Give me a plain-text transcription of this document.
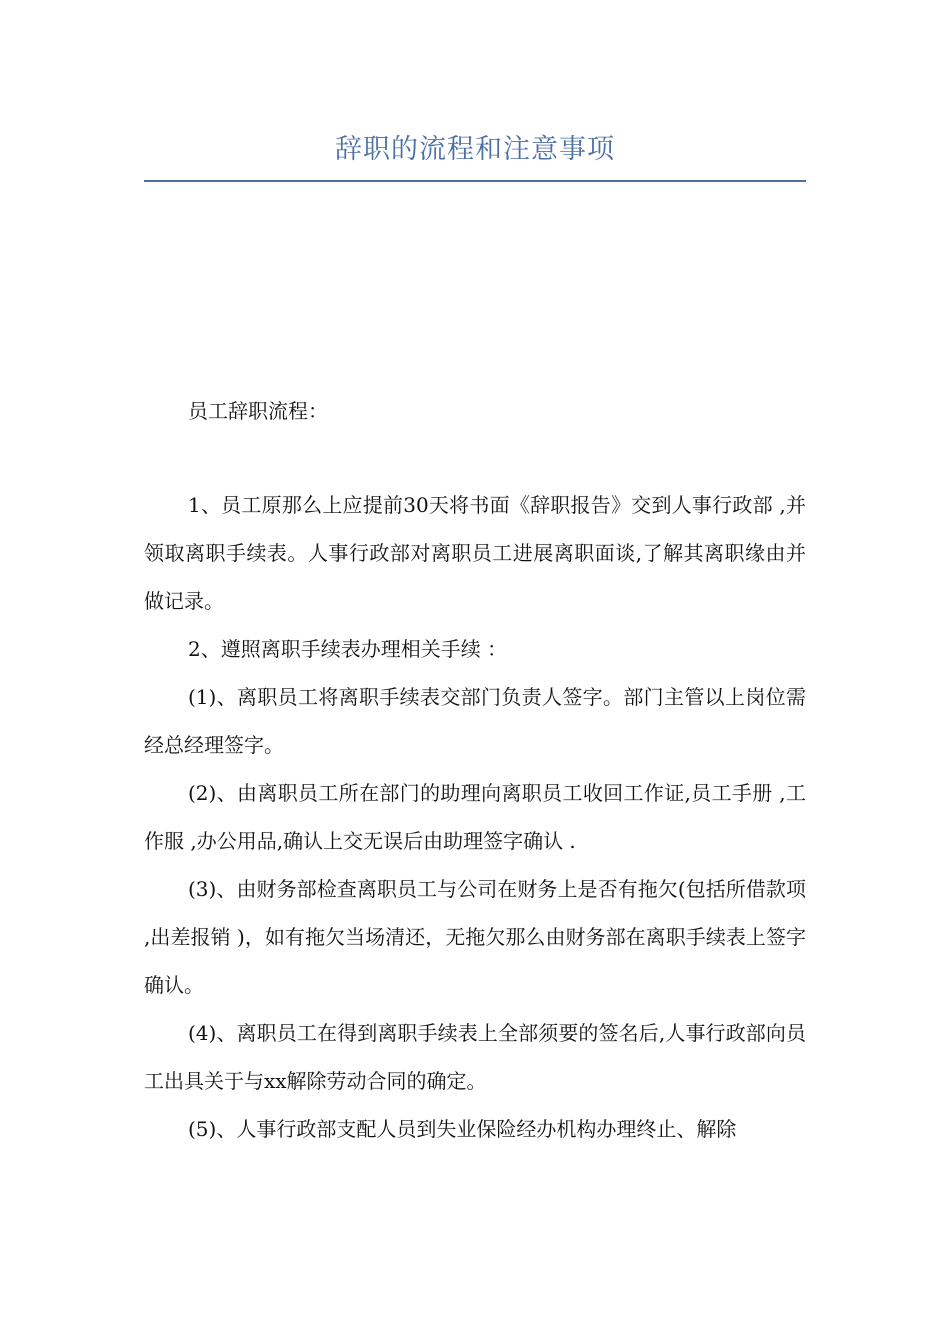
辞职的流程和注意事项

员工辞职流程：

1、员工原那么上应提前30天将书面《辞职报告》交到人事行政部 ,并领取离职手续表。人事行政部对离职员工进展离职面谈,了解其离职缘由并做记录。

2、遵照离职手续表办理相关手续 ：

(1)、离职员工将离职手续表交部门负责人签字。部门主管以上岗位需经总经理签字。

(2)、由离职员工所在部门的助理向离职员工收回工作证,员工手册 ,工作服 ,办公用品,确认上交无误后由助理签字确认 .

(3)、由财务部检查离职员工与公司在财务上是否有拖欠(包括所借款项 ,出差报销 )，如有拖欠当场清还，无拖欠那么由财务部在离职手续表上签字确认。

(4)、离职员工在得到离职手续表上全部须要的签名后,人事行政部向员工出具关于与xx解除劳动合同的确定。

(5)、人事行政部支配人员到失业保险经办机构办理终止、解除
